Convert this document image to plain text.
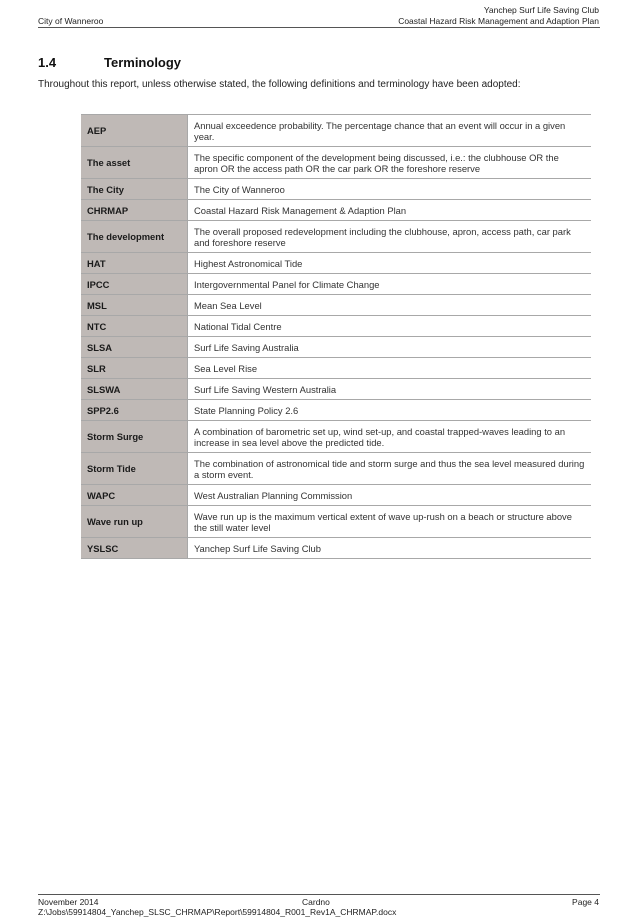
City of Wanneroo
Yanchep Surf Life Saving Club
Coastal Hazard Risk Management and Adaption Plan
1.4	Terminology
Throughout this report, unless otherwise stated, the following definitions and terminology have been adopted:
AEP	Annual exceedence probability. The percentage chance that an event will occur in a given year.
The asset	The specific component of the development being discussed, i.e.: the clubhouse OR the apron OR the access path OR the car park OR the foreshore reserve
The City	The City of Wanneroo
CHRMAP	Coastal Hazard Risk Management & Adaption Plan
The development	The overall proposed redevelopment including the clubhouse, apron, access path, car park and foreshore reserve
HAT	Highest Astronomical Tide
IPCC	Intergovernmental Panel for Climate Change
MSL	Mean Sea Level
NTC	National Tidal Centre
SLSA	Surf Life Saving Australia
SLR	Sea Level Rise
SLSWA	Surf Life Saving Western Australia
SPP2.6	State Planning Policy 2.6
Storm Surge	A combination of barometric set up, wind set-up, and coastal trapped-waves leading to an increase in sea level above the predicted tide.
Storm Tide	The combination of astronomical tide and storm surge and thus the sea level measured during a storm event.
WAPC	West Australian Planning Commission
Wave run up	Wave run up is the maximum vertical extent of wave up-rush on a beach or structure above the still water level
YSLSC	Yanchep Surf Life Saving Club
November 2014
Z:\Jobs\59914804_Yanchep_SLSC_CHRMAP\Report\59914804_R001_Rev1A_CHRMAP.docx
Cardno	Page 4
